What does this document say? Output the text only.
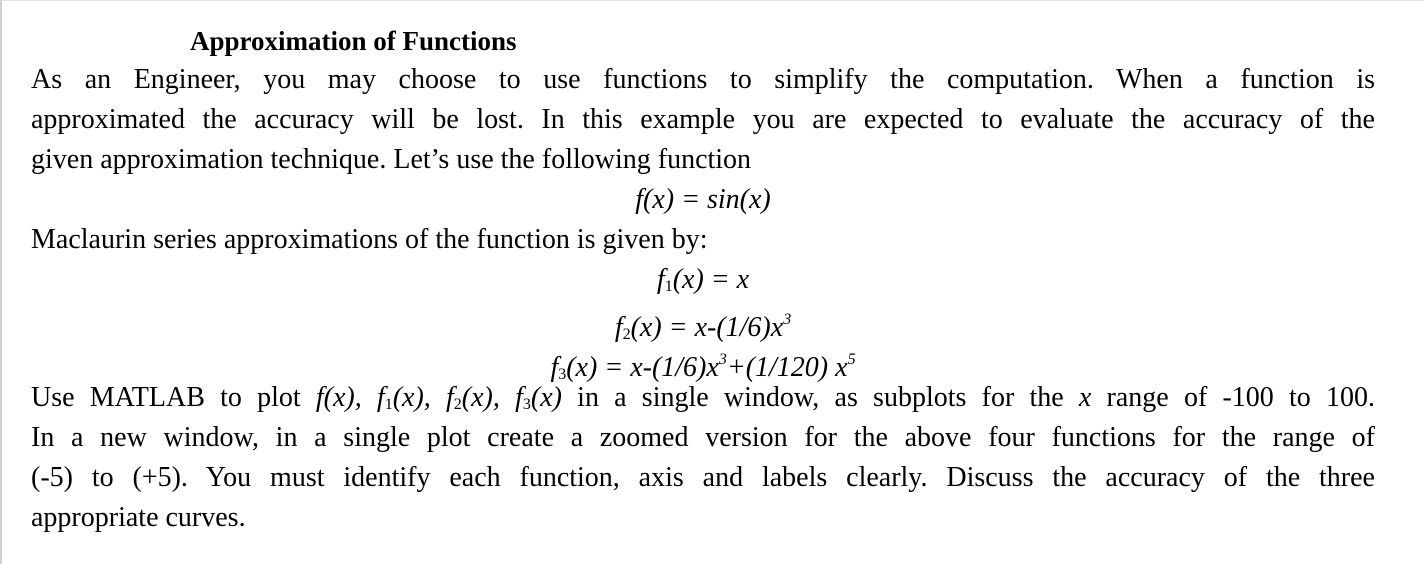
Approximation of Functions
As an Engineer, you may choose to use functions to simplify the computation. When a function is
approximated the accuracy will be lost. In this example you are expected to evaluate the accuracy of the
given approximation technique. Let’s use the following function
f(x) = sin(x)
Maclaurin series approximations of the function is given by:
f1(x) = x
$f2(x) = x-(1/6)x^3$
$f3(x) = x-(1/6)x^3+(1/120)$ $x^5$
Use MATLAB to plot f(x), f1(x), f2(x), f3(x) in a single window, as subplots for the x range of -100 to 100.
In a new window, in a single plot create a zoomed version for the above four functions for the range of
(-5) to (+5). You must identify each function, axis and labels clearly. Discuss the accuracy of the three
appropriate curves.
